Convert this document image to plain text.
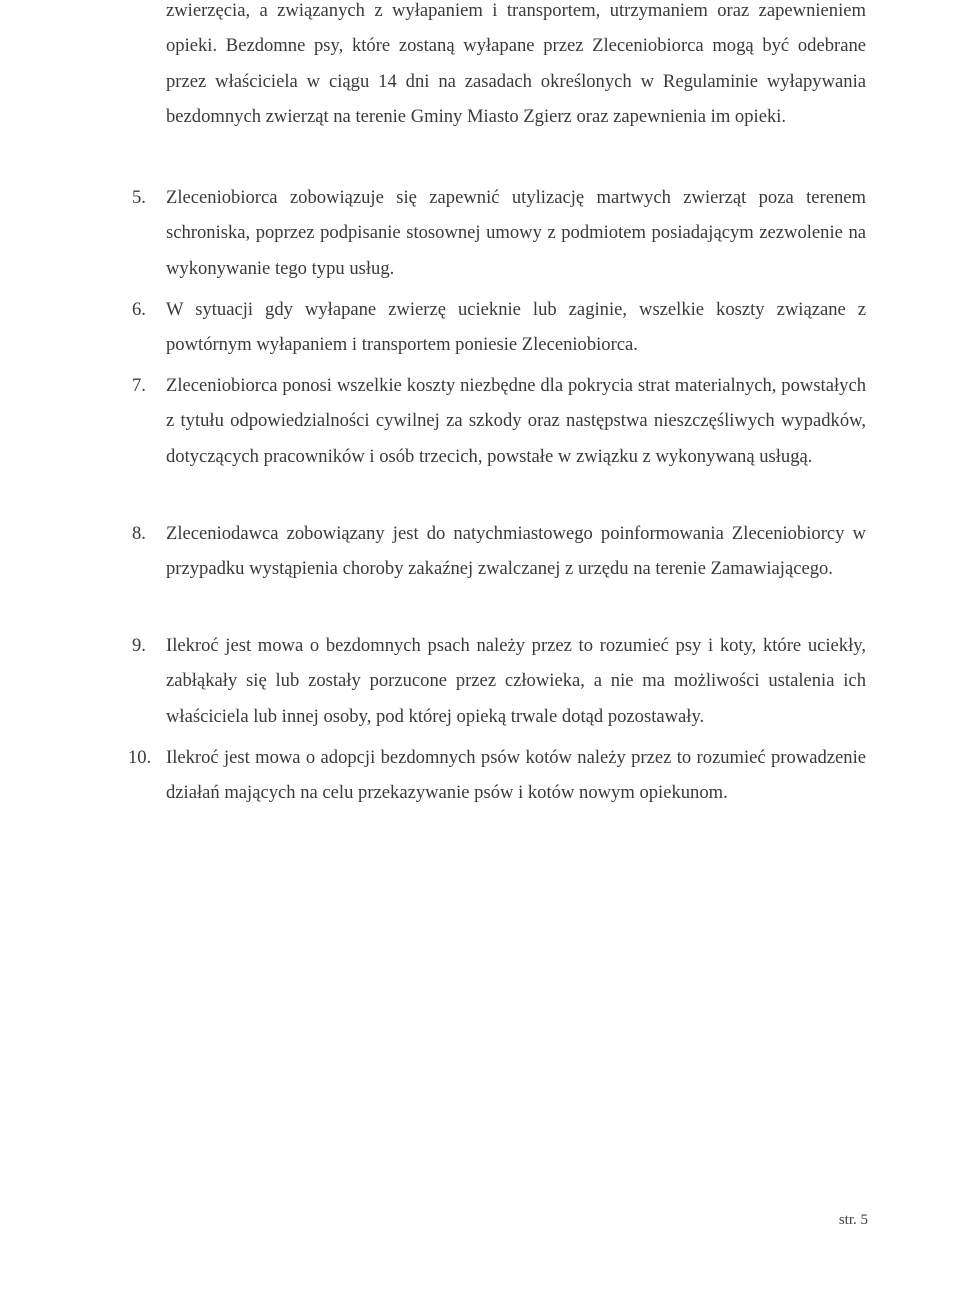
zwierzęcia, a związanych z wyłapaniem i transportem, utrzymaniem oraz zapewnieniem opieki. Bezdomne psy, które zostaną wyłapane przez Zleceniobiorca mogą być odebrane przez właściciela w ciągu 14 dni na zasadach określonych w Regulaminie wyłapywania bezdomnych zwierząt na terenie Gminy Miasto Zgierz oraz zapewnienia im opieki.

5.	Zleceniobiorca zobowiązuje się zapewnić utylizację martwych zwierząt poza terenem schroniska, poprzez podpisanie stosownej umowy z podmiotem posiadającym zezwolenie na wykonywanie tego typu usług.

6.	W sytuacji gdy wyłapane zwierzę ucieknie lub zaginie, wszelkie koszty związane z powtórnym wyłapaniem i transportem poniesie Zleceniobiorca.

7.	Zleceniobiorca ponosi wszelkie koszty niezbędne dla pokrycia strat materialnych, powstałych z tytułu odpowiedzialności cywilnej za szkody oraz następstwa nieszczęśliwych wypadków, dotyczących pracowników i osób trzecich, powstałe w związku z wykonywaną usługą.

8.	Zleceniodawca zobowiązany jest do natychmiastowego poinformowania Zleceniobiorcy w przypadku wystąpienia choroby zakaźnej zwalczanej z urzędu na terenie Zamawiającego.

9.	Ilekroć jest mowa o bezdomnych psach należy przez to rozumieć psy i koty, które uciekły, zabłąkały się lub zostały porzucone przez człowieka, a nie ma możliwości ustalenia ich właściciela lub innej osoby, pod której opieką trwale dotąd pozostawały.

10. Ilekroć jest mowa o adopcji bezdomnych psów kotów należy przez to rozumieć prowadzenie działań mających na celu przekazywanie psów i kotów nowym opiekunom.

str. 5
